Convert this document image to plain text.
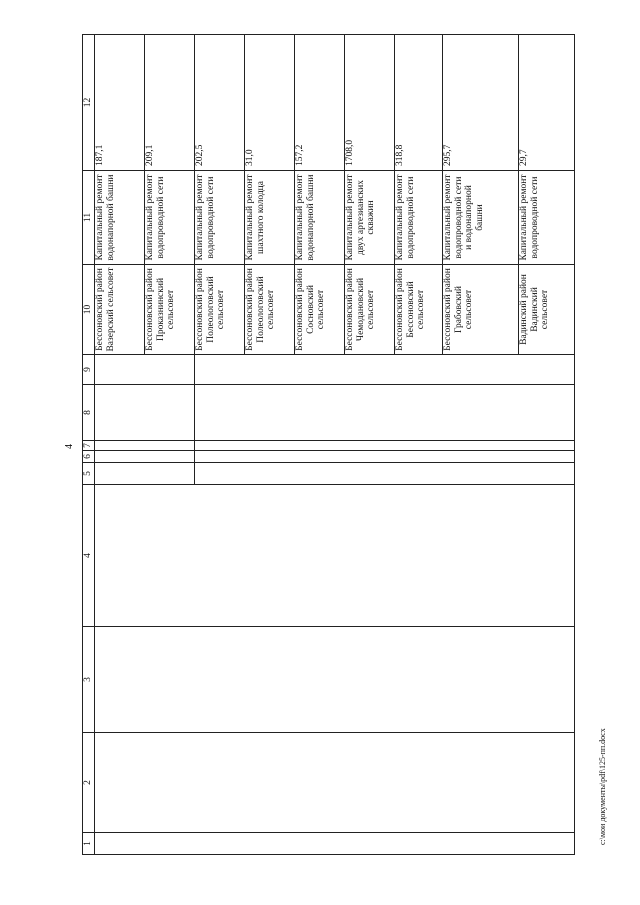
4
1	2	3	4	5	6	7	8	9	10	11	12
									Бессоновский район Вазерский сельсовет	Капитальный ремонт водонапорной башни	187,1
									Бессоновский район Проказнинский сельсовет	Капитальный ремонт водопроводной сети	209,1
									Бессоновский район Полеологовский сельсовет	Капитальный ремонт водопроводной сети	202,5
									Бессоновский район Полеологовский сельсовет	Капитальный ремонт шахтного колодца	31,0
									Бессоновский район Сосновский сельсовет	Капитальный ремонт водонапорной башни	157,2
									Бессоновский район Чемодановский сельсовет	Капитальный ремонт двух артезианских скважин	1708,0
									Бессоновский район Бессоновский сельсовет	Капитальный ремонт водопроводной сети	318,8
									Бессоновский район Грабовский сельсовет	Капитальный ремонт водопроводной сети и водонапорной башни	295,7
									Вадинский район Вадинский сельсовет	Капитальный ремонт водопроводной сети	29,7
c:\мои документы\pdf\125-пп.docx
